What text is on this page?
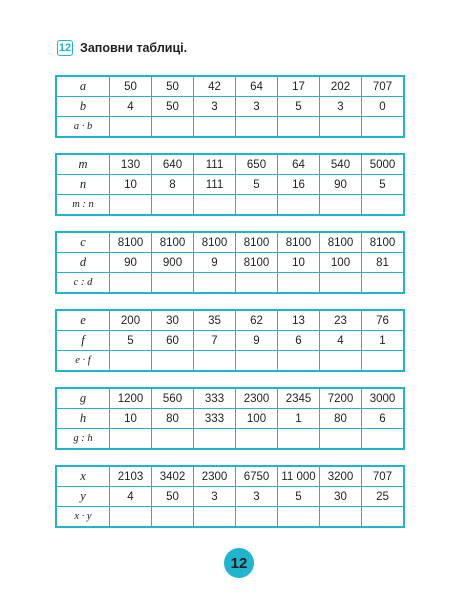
12 Заповни таблиці.
a	50	50	42	64	17	202	707
b	4	50	3	3	5	3	0
a · b							
m	130	640	111	650	64	540	5000
n	10	8	111	5	16	90	5
m : n							
c	8100	8100	8100	8100	8100	8100	8100
d	90	900	9	8100	10	100	81
c : d							
e	200	30	35	62	13	23	76
f	5	60	7	9	6	4	1
e · f							
g	1200	560	333	2300	2345	7200	3000
h	10	80	333	100	1	80	6
g : h							
x	2103	3402	2300	6750	11 000	3200	707
y	4	50	3	3	5	30	25
x · y							
12
